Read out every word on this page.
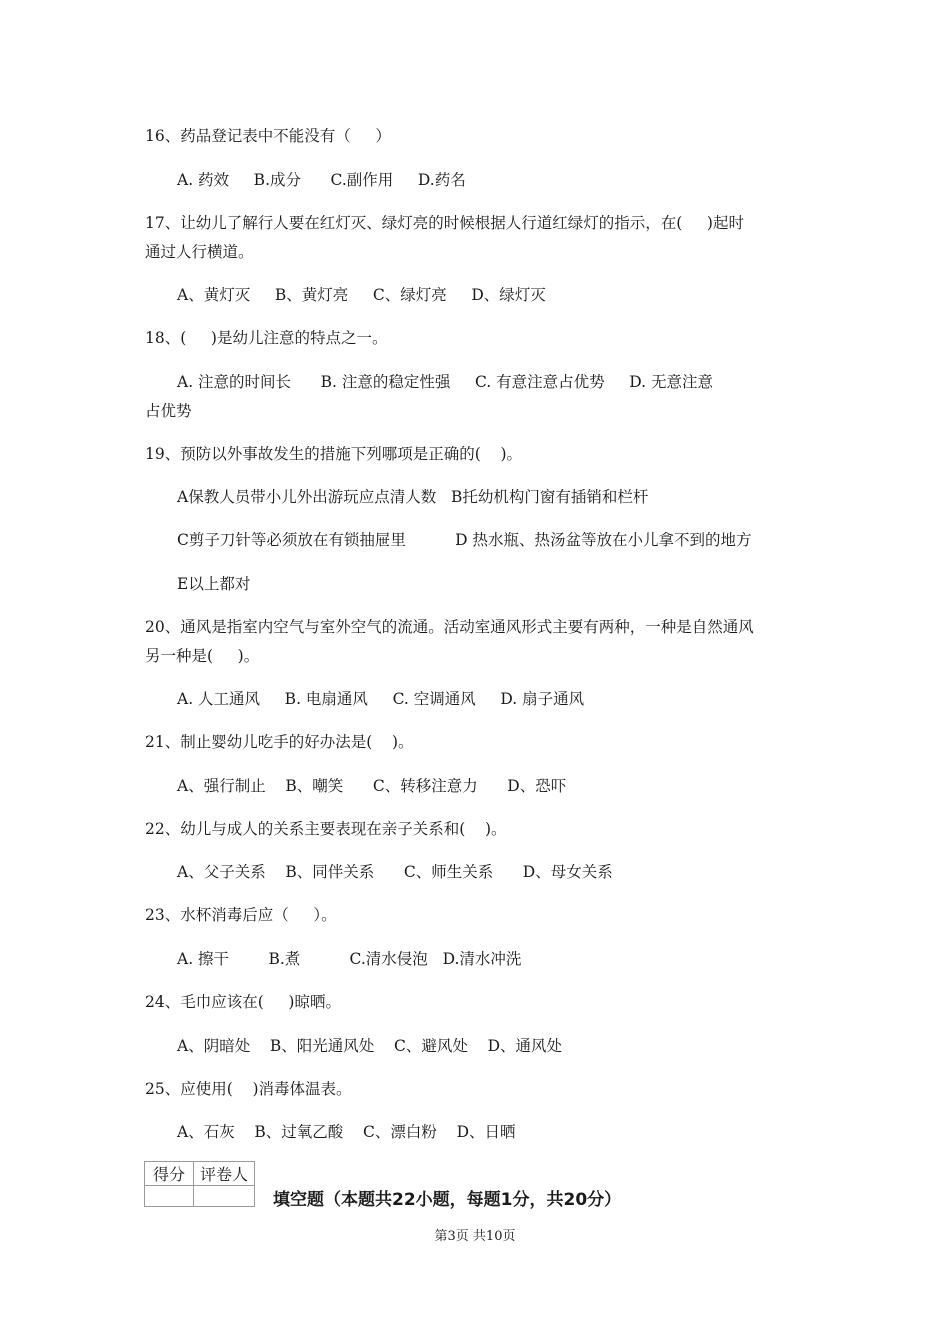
16、药品登记表中不能没有（     ）
A. 药效     B.成分      C.副作用     D.药名
17、让幼儿了解行人要在红灯灭、绿灯亮的时候根据人行道红绿灯的指示，在(     )起时
通过人行横道。
A、黄灯灭     B、黄灯亮     C、绿灯亮     D、绿灯灭
18、(     )是幼儿注意的特点之一。
A. 注意的时间长      B. 注意的稳定性强     C. 有意注意占优势     D. 无意注意
占优势
19、预防以外事故发生的措施下列哪项是正确的(    )。
A保教人员带小儿外出游玩应点清人数   B托幼机构门窗有插销和栏杆
C剪子刀针等必须放在有锁抽屉里          D 热水瓶、热汤盆等放在小儿拿不到的地方
E以上都对
20、通风是指室内空气与室外空气的流通。活动室通风形式主要有两种，一种是自然通风
另一种是(     )。
A. 人工通风     B. 电扇通风     C. 空调通风     D. 扇子通风
21、制止婴幼儿吃手的好办法是(    )。
A、强行制止    B、嘲笑      C、转移注意力      D、恐吓
22、幼儿与成人的关系主要表现在亲子关系和(    )。
A、父子关系    B、同伴关系      C、师生关系      D、母女关系
23、水杯消毒后应（     ）。
A. 擦干        B.煮          C.清水侵泡   D.清水冲洗
24、毛巾应该在(     )晾晒。
A、阴暗处    B、阳光通风处    C、避风处    D、通风处
25、应使用(    )消毒体温表。
A、石灰    B、过氧乙酸    C、漂白粉    D、日晒
得分	评卷人

填空题（本题共22小题，每题1分，共20分）
第3页 共10页
